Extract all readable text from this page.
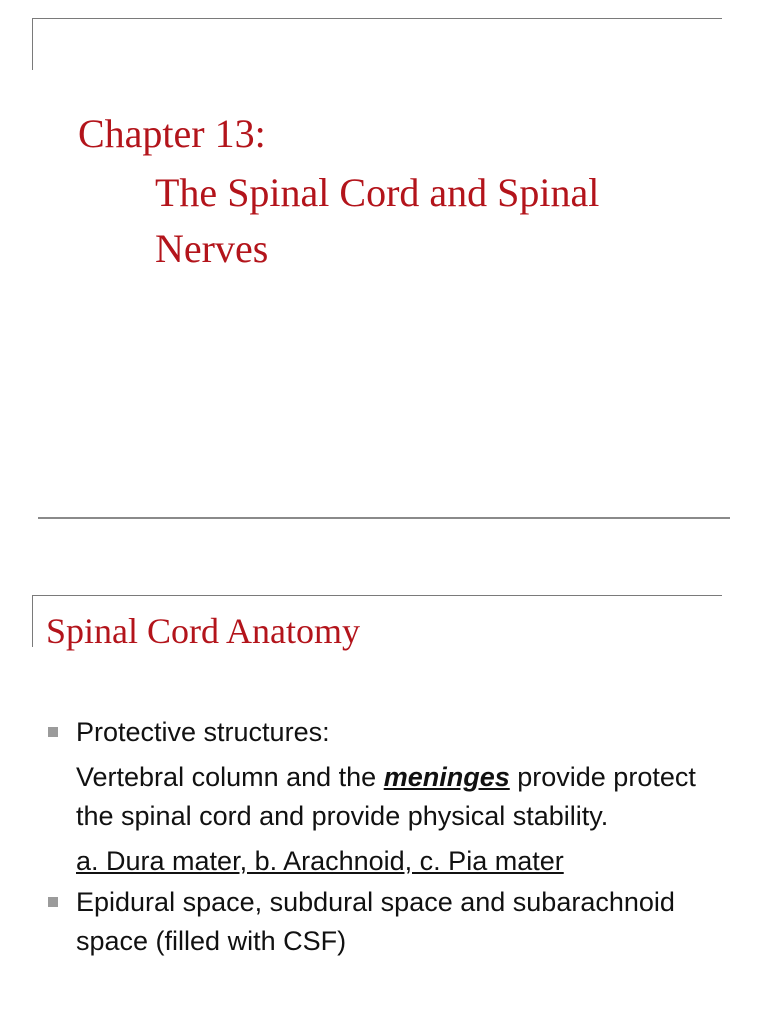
Chapter 13:
The Spinal Cord and Spinal Nerves
Spinal Cord Anatomy
Protective structures:
Vertebral column and the meninges provide protect the spinal cord and provide physical stability.
a. Dura mater, b. Arachnoid, c. Pia mater
Epidural space, subdural space and subarachnoid space (filled with CSF)
